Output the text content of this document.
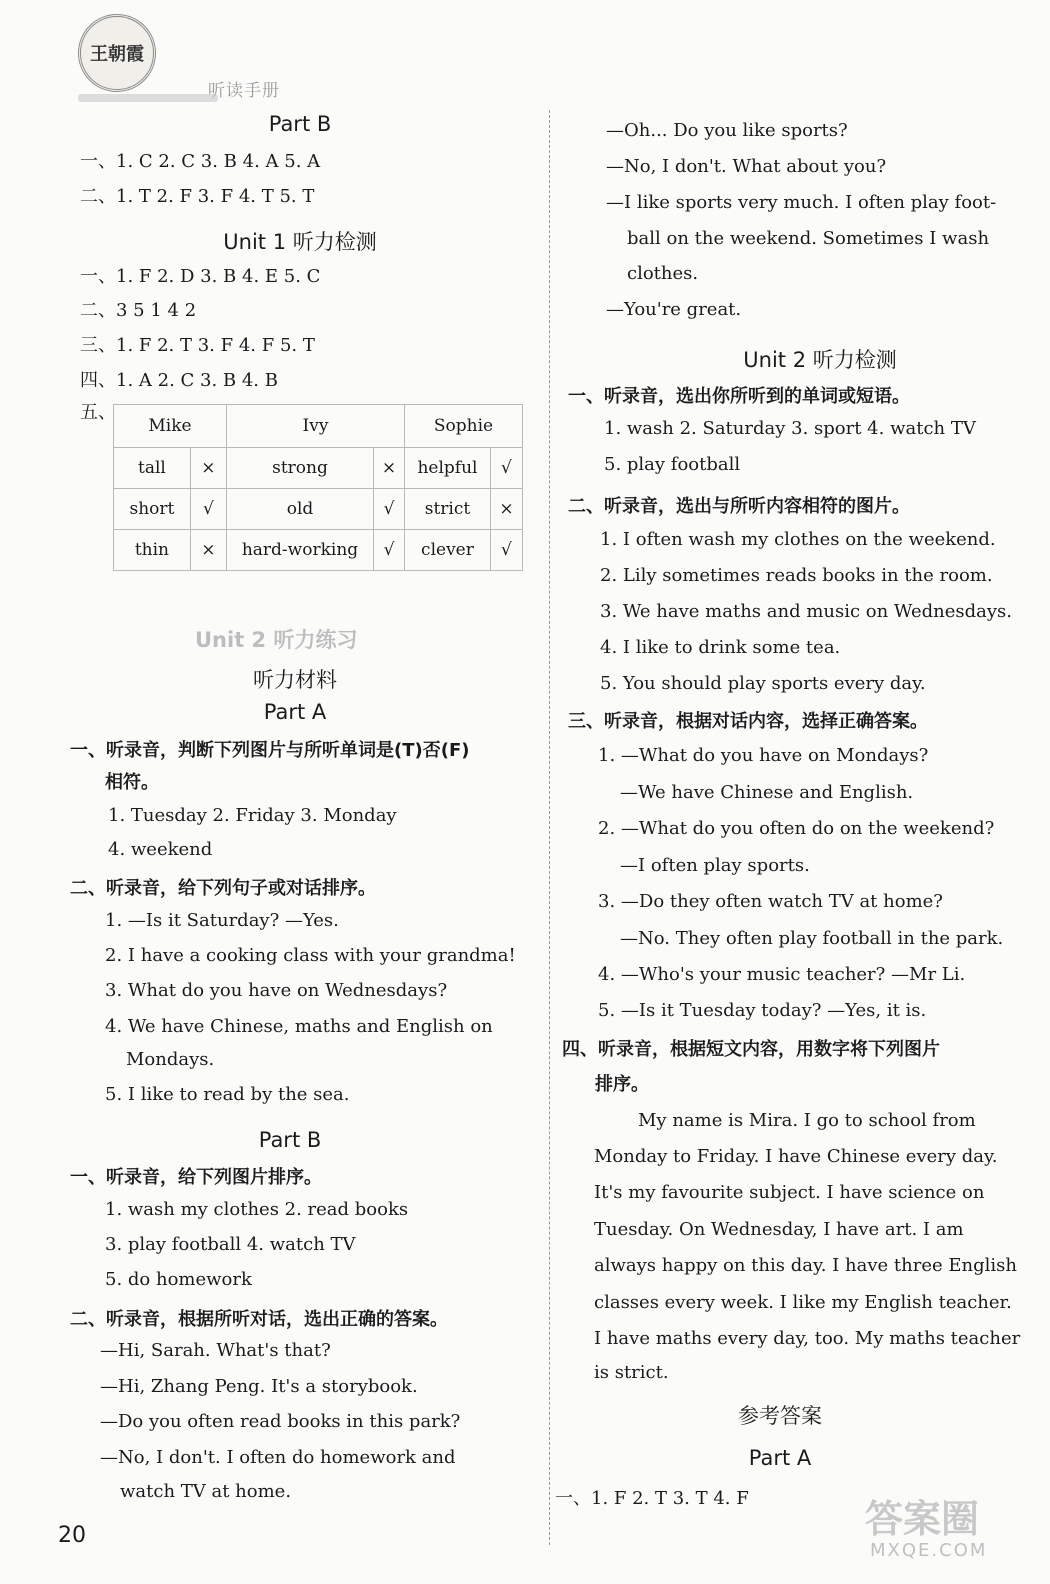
王朝霞
听读手册
Part B
一、1. C 2. C 3. B 4. A 5. A
二、1. T 2. F 3. F 4. T 5. T
Unit 1 听力检测
一、1. F 2. D 3. B 4. E 5. C
二、3 5 1 4 2
三、1. F 2. T 3. F 4. F 5. T
四、1. A 2. C 3. B 4. B
五、
Mike		Ivy		Sophie	
tall	×	strong	×	helpful	√
short	√	old	√	strict	×
thin	×	hard-working	√	clever	√
Unit 2 听力练习
听力材料
Part A
一、听录音，判断下列图片与所听单词是(T)否(F)
相符。
1. Tuesday 2. Friday 3. Monday
4. weekend
二、听录音，给下列句子或对话排序。
1. —Is it Saturday? —Yes.
2. I have a cooking class with your grandma!
3. What do you have on Wednesdays?
4. We have Chinese, maths and English on
Mondays.
5. I like to read by the sea.
Part B
一、听录音，给下列图片排序。
1. wash my clothes 2. read books
3. play football 4. watch TV
5. do homework
二、听录音，根据所听对话，选出正确的答案。
—Hi, Sarah. What's that?
—Hi, Zhang Peng. It's a storybook.
—Do you often read books in this park?
—No, I don't. I often do homework and
watch TV at home.
—Oh... Do you like sports?
—No, I don't. What about you?
—I like sports very much. I often play foot-
ball on the weekend. Sometimes I wash
clothes.
—You're great.
Unit 2 听力检测
一、听录音，选出你所听到的单词或短语。
1. wash 2. Saturday 3. sport 4. watch TV
5. play football
二、听录音，选出与所听内容相符的图片。
1. I often wash my clothes on the weekend.
2. Lily sometimes reads books in the room.
3. We have maths and music on Wednesdays.
4. I like to drink some tea.
5. You should play sports every day.
三、听录音，根据对话内容，选择正确答案。
1. —What do you have on Mondays?
—We have Chinese and English.
2. —What do you often do on the weekend?
—I often play sports.
3. —Do they often watch TV at home?
—No. They often play football in the park.
4. —Who's your music teacher? —Mr Li.
5. —Is it Tuesday today? —Yes, it is.
四、听录音，根据短文内容，用数字将下列图片
排序。
My name is Mira. I go to school from
Monday to Friday. I have Chinese every day.
It's my favourite subject. I have science on
Tuesday. On Wednesday, I have art. I am
always happy on this day. I have three English
classes every week. I like my English teacher.
I have maths every day, too. My maths teacher
is strict.
参考答案
Part A
一、1. F 2. T 3. T 4. F	答案圈
MXQE.COM
20
